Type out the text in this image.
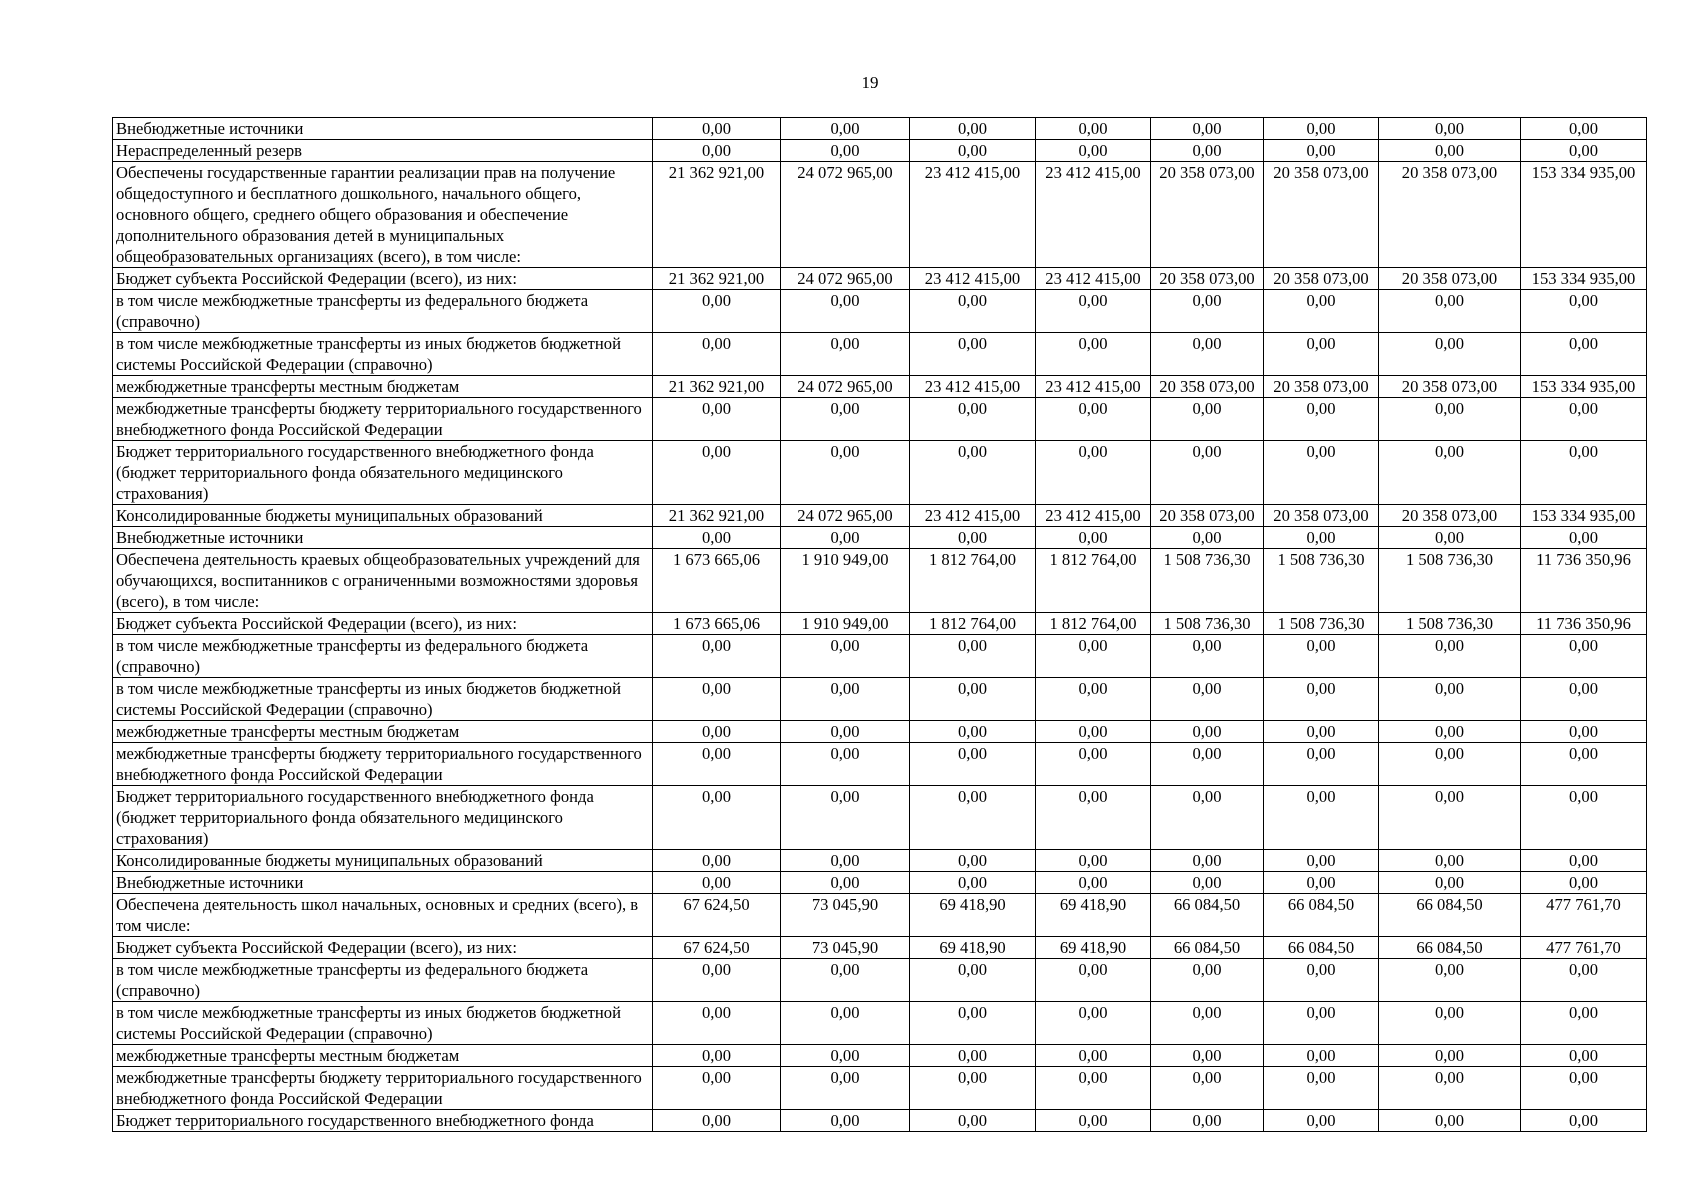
19
Внебюджетные источники	0,00	0,00	0,00	0,00	0,00	0,00	0,00	0,00
Нераспределенный резерв	0,00	0,00	0,00	0,00	0,00	0,00	0,00	0,00
Обеспечены государственные гарантии реализации прав на получение общедоступного и бесплатного дошкольного, начального общего, основного общего, среднего общего образования и обеспечение дополнительного образования детей в муниципальных общеобразовательных организациях (всего), в том числе:	21 362 921,00	24 072 965,00	23 412 415,00	23 412 415,00	20 358 073,00	20 358 073,00	20 358 073,00	153 334 935,00
Бюджет субъекта Российской Федерации (всего), из них:	21 362 921,00	24 072 965,00	23 412 415,00	23 412 415,00	20 358 073,00	20 358 073,00	20 358 073,00	153 334 935,00
в том числе межбюджетные трансферты из федерального бюджета (справочно)	0,00	0,00	0,00	0,00	0,00	0,00	0,00	0,00
в том числе межбюджетные трансферты из иных бюджетов бюджетной системы Российской Федерации (справочно)	0,00	0,00	0,00	0,00	0,00	0,00	0,00	0,00
межбюджетные трансферты местным бюджетам	21 362 921,00	24 072 965,00	23 412 415,00	23 412 415,00	20 358 073,00	20 358 073,00	20 358 073,00	153 334 935,00
межбюджетные трансферты бюджету территориального государственного внебюджетного фонда Российской Федерации	0,00	0,00	0,00	0,00	0,00	0,00	0,00	0,00
Бюджет территориального государственного внебюджетного фонда (бюджет территориального фонда обязательного медицинского страхования)	0,00	0,00	0,00	0,00	0,00	0,00	0,00	0,00
Консолидированные бюджеты муниципальных образований	21 362 921,00	24 072 965,00	23 412 415,00	23 412 415,00	20 358 073,00	20 358 073,00	20 358 073,00	153 334 935,00
Внебюджетные источники	0,00	0,00	0,00	0,00	0,00	0,00	0,00	0,00
Обеспечена деятельность краевых общеобразовательных учреждений для обучающихся, воспитанников с ограниченными возможностями здоровья (всего), в том числе:	1 673 665,06	1 910 949,00	1 812 764,00	1 812 764,00	1 508 736,30	1 508 736,30	1 508 736,30	11 736 350,96
Бюджет субъекта Российской Федерации (всего), из них:	1 673 665,06	1 910 949,00	1 812 764,00	1 812 764,00	1 508 736,30	1 508 736,30	1 508 736,30	11 736 350,96
в том числе межбюджетные трансферты из федерального бюджета (справочно)	0,00	0,00	0,00	0,00	0,00	0,00	0,00	0,00
в том числе межбюджетные трансферты из иных бюджетов бюджетной системы Российской Федерации (справочно)	0,00	0,00	0,00	0,00	0,00	0,00	0,00	0,00
межбюджетные трансферты местным бюджетам	0,00	0,00	0,00	0,00	0,00	0,00	0,00	0,00
межбюджетные трансферты бюджету территориального государственного внебюджетного фонда Российской Федерации	0,00	0,00	0,00	0,00	0,00	0,00	0,00	0,00
Бюджет территориального государственного внебюджетного фонда (бюджет территориального фонда обязательного медицинского страхования)	0,00	0,00	0,00	0,00	0,00	0,00	0,00	0,00
Консолидированные бюджеты муниципальных образований	0,00	0,00	0,00	0,00	0,00	0,00	0,00	0,00
Внебюджетные источники	0,00	0,00	0,00	0,00	0,00	0,00	0,00	0,00
Обеспечена деятельность школ начальных, основных и средних (всего), в том числе:	67 624,50	73 045,90	69 418,90	69 418,90	66 084,50	66 084,50	66 084,50	477 761,70
Бюджет субъекта Российской Федерации (всего), из них:	67 624,50	73 045,90	69 418,90	69 418,90	66 084,50	66 084,50	66 084,50	477 761,70
в том числе межбюджетные трансферты из федерального бюджета (справочно)	0,00	0,00	0,00	0,00	0,00	0,00	0,00	0,00
в том числе межбюджетные трансферты из иных бюджетов бюджетной системы Российской Федерации (справочно)	0,00	0,00	0,00	0,00	0,00	0,00	0,00	0,00
межбюджетные трансферты местным бюджетам	0,00	0,00	0,00	0,00	0,00	0,00	0,00	0,00
межбюджетные трансферты бюджету территориального государственного внебюджетного фонда Российской Федерации	0,00	0,00	0,00	0,00	0,00	0,00	0,00	0,00
Бюджет территориального государственного внебюджетного фонда	0,00	0,00	0,00	0,00	0,00	0,00	0,00	0,00
